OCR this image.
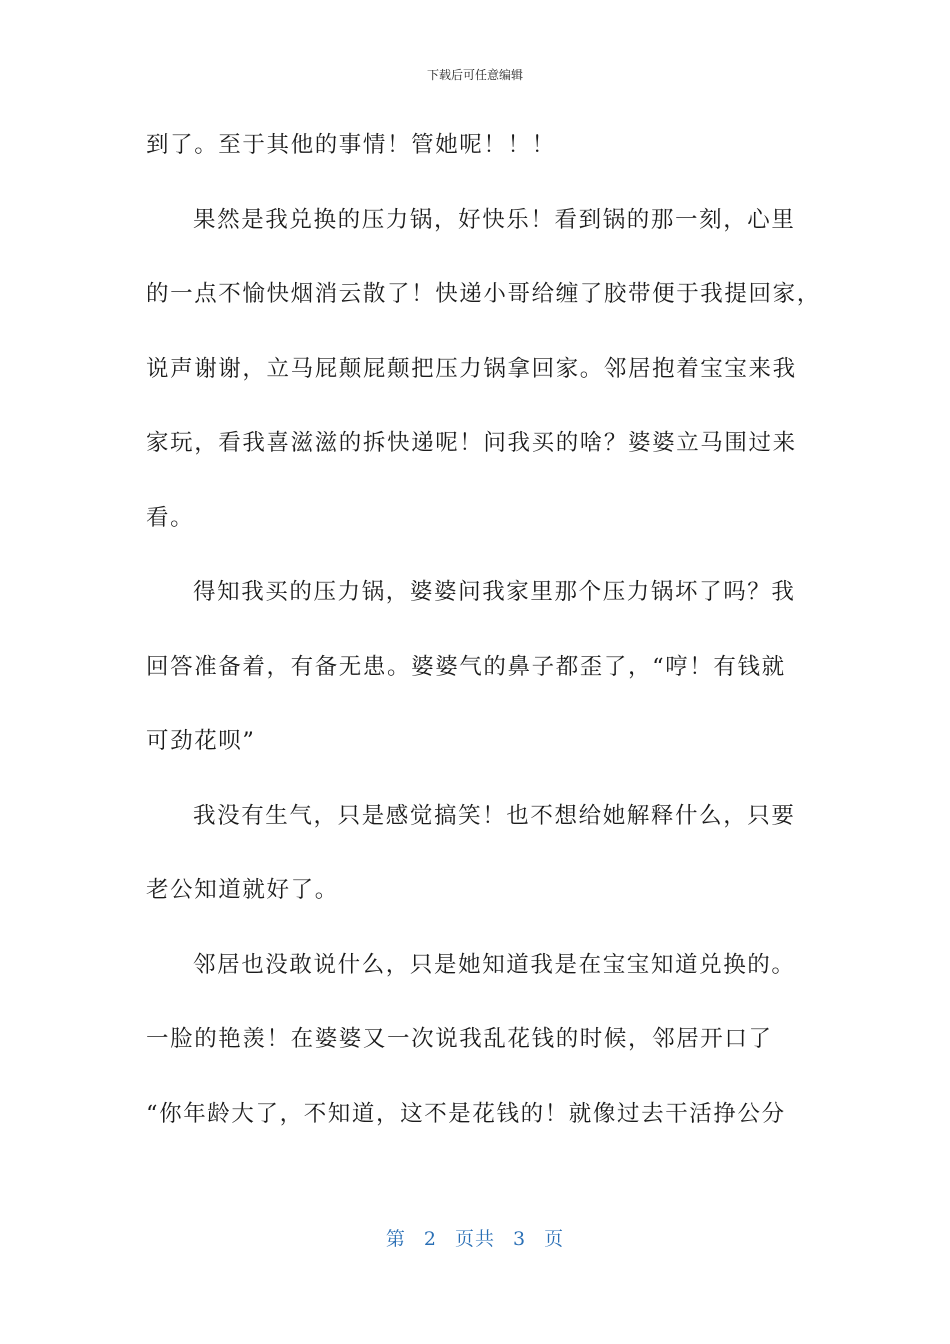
下载后可任意编辑
到了。至于其他的事情！管她呢！！！
果然是我兑换的压力锅，好快乐！看到锅的那一刻，心里
的一点不愉快烟消云散了！快递小哥给缠了胶带便于我提回家，
说声谢谢，立马屁颠屁颠把压力锅拿回家。邻居抱着宝宝来我
家玩，看我喜滋滋的拆快递呢！问我买的啥？婆婆立马围过来
看。
得知我买的压力锅，婆婆问我家里那个压力锅坏了吗？我
回答准备着，有备无患。婆婆气的鼻子都歪了，“哼！有钱就
可劲花呗”
我没有生气，只是感觉搞笑！也不想给她解释什么，只要
老公知道就好了。
邻居也没敢说什么，只是她知道我是在宝宝知道兑换的。
一脸的艳羡！在婆婆又一次说我乱花钱的时候，邻居开口了
“你年龄大了，不知道，这不是花钱的！就像过去干活挣公分
第 2 页共 3 页
